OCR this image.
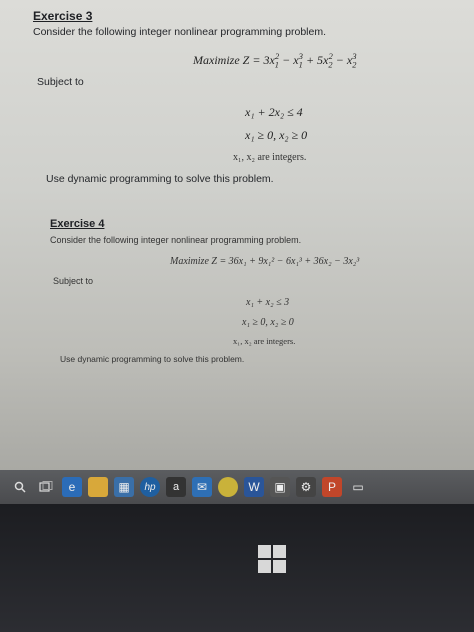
Exercise 3
Consider the following integer nonlinear programming problem.
Maximize $Z = 3x_1^2 - x_1^3 + 5x_2^2 - x_2^3$
Subject to
x₁ + 2x₂ ≤ 4
x₁ ≥ 0, x₂ ≥ 0
x₁, x₂ are integers.
Use dynamic programming to solve this problem.
Exercise 4
Consider the following integer nonlinear programming problem.
Maximize Z = 36x₁ + 9x₁² − 6x₁³ + 36x₂ − 3x₂³
Subject to
x₁ + x₂ ≤ 3
x₁ ≥ 0, x₂ ≥ 0
x₁, x₂ are integers.
Use dynamic programming to solve this problem.
e	▦	hp	a	✉	W	▣	⚙	P	▭
